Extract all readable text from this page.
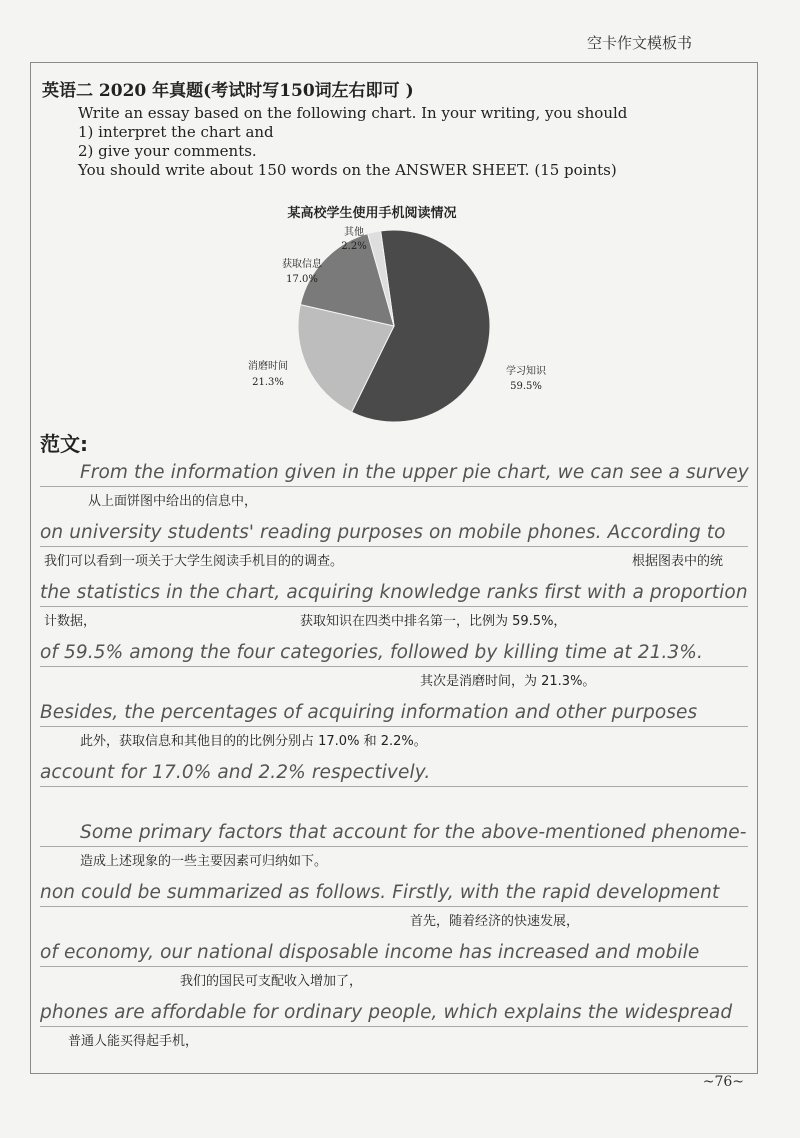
空卡作文模板书
英语二 2020 年真题(考试时写150词左右即可 )
Write an essay based on the following chart. In your writing, you should
1) interpret the chart and
2) give your comments.
You should write about 150 words on the ANSWER SHEET. (15 points)
某高校学生使用手机阅读情况
其他
2.2%
获取信息
17.0%
消磨时间
21.3%
学习知识
59.5%
范文:
From the information given in the upper pie chart, we can see a survey
从上面饼图中给出的信息中，
on university students' reading purposes on mobile phones. According to
我们可以看到一项关于大学生阅读手机目的的调查。	根据图表中的统
the statistics in the chart, acquiring knowledge ranks first with a proportion
计数据，	获取知识在四类中排名第一，比例为 59.5%，
of 59.5% among the four categories, followed by killing time at 21.3%.
其次是消磨时间，为 21.3%。
Besides, the percentages of acquiring information and other purposes
此外，获取信息和其他目的的比例分别占 17.0% 和 2.2%。
account for 17.0% and 2.2% respectively.
Some primary factors that account for the above-mentioned phenome-
造成上述现象的一些主要因素可归纳如下。
non could be summarized as follows. Firstly, with the rapid development
首先，随着经济的快速发展，
of economy, our national disposable income has increased and mobile
我们的国民可支配收入增加了，
phones are affordable for ordinary people, which explains the widespread
普通人能买得起手机，
~76~
